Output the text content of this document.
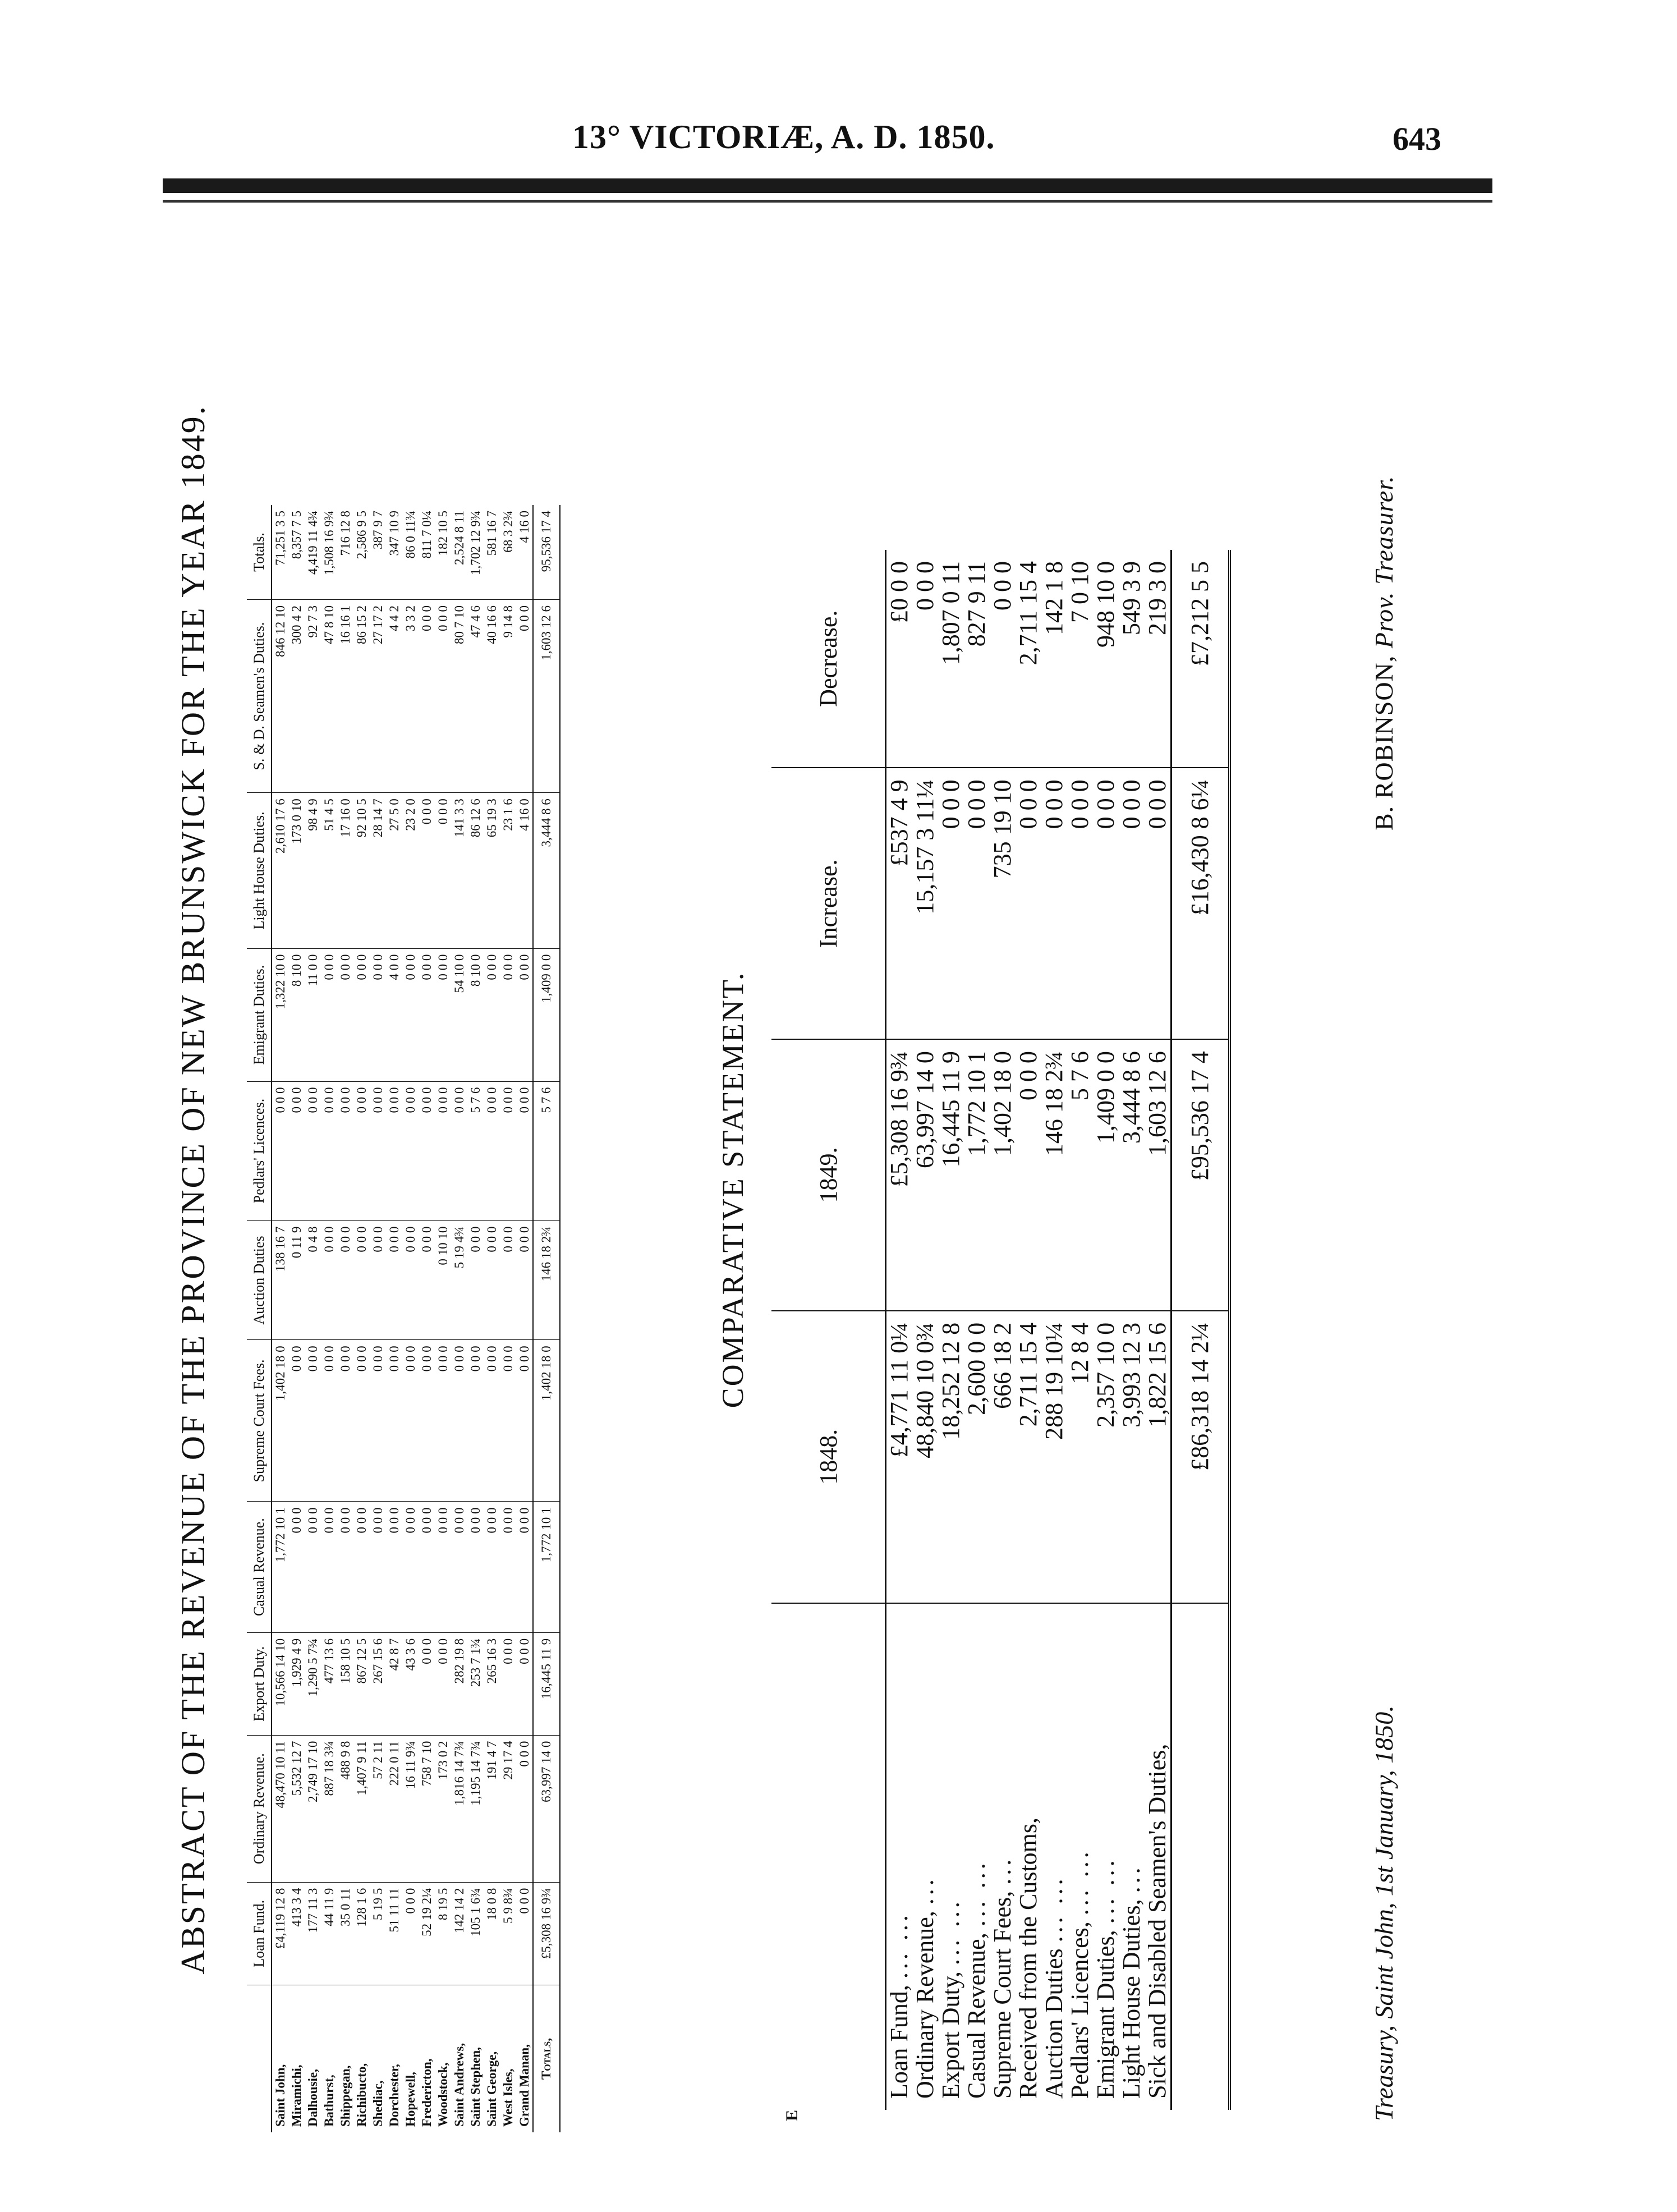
13° VICTORIÆ, A. D. 1850.	643
ABSTRACT OF THE REVENUE OF THE PROVINCE OF NEW BRUNSWICK FOR THE YEAR 1849.
		Loan Fund.	Ordinary Revenue.	Export Duty.	Casual Revenue.	Supreme Court Fees.	Auction Duties	Pedlars' Licences.	Emigrant Duties.	Light House Duties.	S. & D. Seamen's Duties.	Totals.
Saint John,	£4,119 12 8	48,470 10 11	10,566 14 10	1,772 10 1	1,402 18 0	138 16 7	0 0 0	1,322 10 0	2,610 17 6	846 12 10	71,251 3 5
Miramichi,	413 3 4	5,532 12 7	1,929 4 9	0 0 0	0 0 0	0 11 9	0 0 0	8 10 0	173 0 10	300 4 2	8,357 7 5
Dalhousie,	177 11 3	2,749 17 10	1,290 5 7¾	0 0 0	0 0 0	0 4 8	0 0 0	11 0 0	98 4 9	92 7 3	4,419 11 4¾
Bathurst,	44 11 9	887 18 3¾	477 13 6	0 0 0	0 0 0	0 0 0	0 0 0	0 0 0	51 4 5	47 8 10	1,508 16 9¾
Shippegan,	35 0 11	488 9 8	158 10 5	0 0 0	0 0 0	0 0 0	0 0 0	0 0 0	17 16 0	16 16 1	716 12 8
Richibucto,	128 1 6	1,407 9 11	867 12 5	0 0 0	0 0 0	0 0 0	0 0 0	0 0 0	92 10 5	86 15 2	2,586 9 5
Shediac,	5 19 5	57 2 11	267 15 6	0 0 0	0 0 0	0 0 0	0 0 0	0 0 0	28 14 7	27 17 2	387 9 7
Dorchester,	51 11 11	222 0 11	42 8 7	0 0 0	0 0 0	0 0 0	0 0 0	4 0 0	27 5 0	4 4 2	347 10 9
Hopewell,	0 0 0	16 11 9¾	43 3 6	0 0 0	0 0 0	0 0 0	0 0 0	0 0 0	23 2 0	3 3 2	86 0 11¾
Fredericton,	52 19 2¼	758 7 10	0 0 0	0 0 0	0 0 0	0 0 0	0 0 0	0 0 0	0 0 0	0 0 0	811 7 0¼
Woodstock,	8 19 5	173 0 2	0 0 0	0 0 0	0 0 0	0 10 10	0 0 0	0 0 0	0 0 0	0 0 0	182 10 5
Saint Andrews,	142 14 2	1,816 14 7¾	282 19 8	0 0 0	0 0 0	5 19 4¾	0 0 0	54 10 0	141 3 3	80 7 10	2,524 8 11
Saint Stephen,	105 1 6¾	1,195 14 7¾	253 7 1¾	0 0 0	0 0 0	0 0 0	5 7 6	8 10 0	86 12 6	47 4 6	1,702 12 9¾
Saint George,	18 0 8	191 4 7	265 16 3	0 0 0	0 0 0	0 0 0	0 0 0	0 0 0	65 19 3	40 16 6	581 16 7
West Isles,	5 9 8¾	29 17 4	0 0 0	0 0 0	0 0 0	0 0 0	0 0 0	0 0 0	23 1 6	9 14 8	68 3 2¾
Grand Manan,	0 0 0	0 0 0	0 0 0	0 0 0	0 0 0	0 0 0	0 0 0	0 0 0	4 16 0	0 0 0	4 16 0
Totals,	£5,308 16 9¾	63,997 14 0	16,445 11 9	1,772 10 1	1,402 18 0	146 18 2¾	5 7 6	1,409 0 0	3,444 8 6	1,603 12 6	95,536 17 4
E
COMPARATIVE STATEMENT.
	1848.	1849.	Increase.	Decrease.
Loan Fund, ... ...	£4,771 11 0¼	£5,308 16 9¾	£537 4 9	£0 0 0
Ordinary Revenue, ...	48,840 10 0¾	63,997 14 0	15,157 3 11¼	0 0 0
Export Duty, ... ...	18,252 12 8	16,445 11 9	0 0 0	1,807 0 11
Casual Revenue, ... ...	2,600 0 0	1,772 10 1	0 0 0	827 9 11
Supreme Court Fees, ...	666 18 2	1,402 18 0	735 19 10	0 0 0
Received from the Customs,	2,711 15 4	0 0 0	0 0 0	2,711 15 4
Auction Duties ... ...	288 19 10¼	146 18 2¾	0 0 0	142 1 8
Pedlars' Licences, ... ...	12 8 4	5 7 6	0 0 0	7 0 10
Emigrant Duties, ... ...	2,357 10 0	1,409 0 0	0 0 0	948 10 0
Light House Duties, ...	3,993 12 3	3,444 8 6	0 0 0	549 3 9
Sick and Disabled Seamen's Duties,	1,822 15 6	1,603 12 6	0 0 0	219 3 0
	£86,318 14 2¼	£95,536 17 4	£16,430 8 6¼	£7,212 5 5
Treasury, Saint John, 1st January, 1850.
B. ROBINSON, Prov. Treasurer.
